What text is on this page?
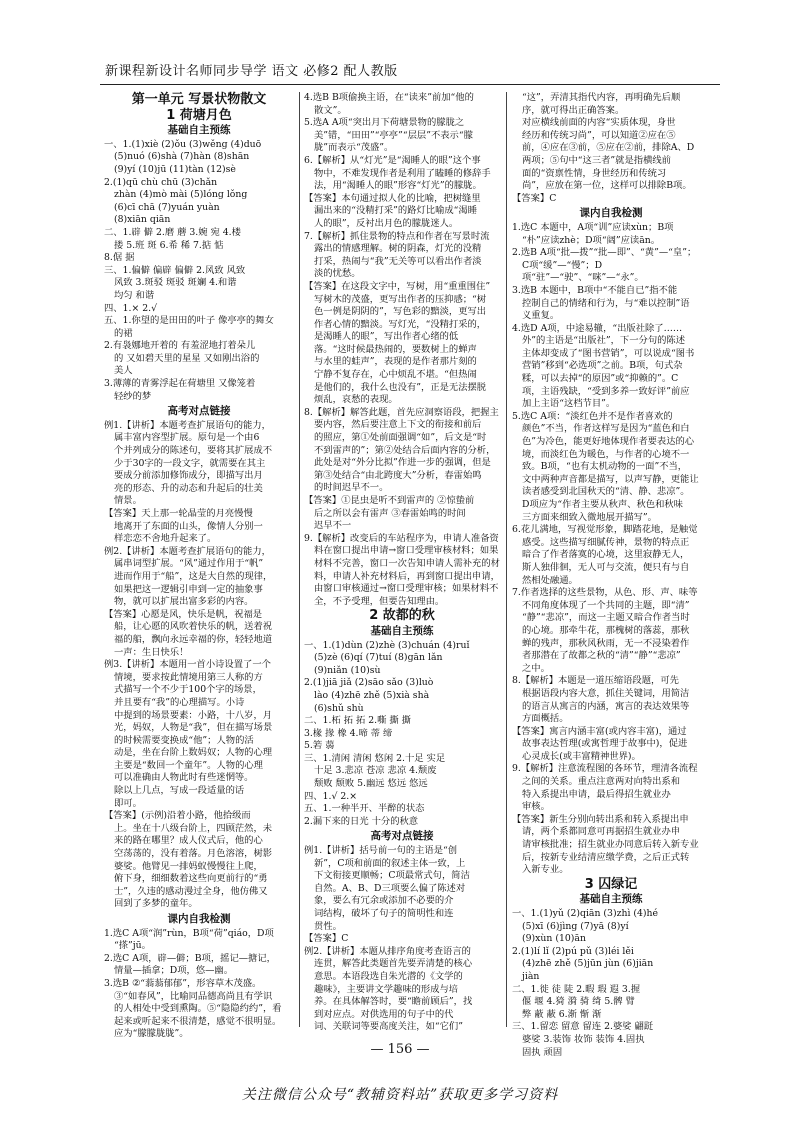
新课程新设计名师同步导学 语文 必修2 配人教版
第一单元 写景状物散文
1 荷塘月色
基础自主预练
一、1.(1)xiè (2)ǒu (3)wěng (4)duō
(5)nuó (6)shà (7)hàn (8)shān
(9)yí (10)jū (11)tàn (12)sè
2.(1)qū chù chū (3)chǎn
zhàn (4)mò mài (5)lóng lǒng
(6)cī chā (7)yuán yuàn
(8)xiān qiān
二、1.辟 僻 2.磨 蘑 3.婉 宛 4.楼
搂 5.班 斑 6.希 稀 7.掂 惦
8.倨 据
三、1.偏僻 偏辟 偏僻 2.风致 风致
风致 3.斑驳 斑驳 斑斓 4.和谐
均匀 和谐
四、1.× 2.√
五、1.你望的是田田的叶子 像亭亭的舞女
的裙
2.有袅娜地开着的 有羞涩地打着朵儿
的 又如碧天里的星星 又如刚出浴的
美人
3.薄薄的青雾浮起在荷塘里 又像笼着
轻纱的梦
高考对点链接
例1.【讲析】本题考查扩展语句的能力，
属丰富内容型扩展。原句是一个由6
个并列成分的陈述句，要将其扩展成不
少于30字的一段文字，就需要在其主
要成分前添加修饰成分，即描写出月
亮的形态、升的动态和升起后的壮美
情景。
【答案】天上那一轮晶莹的月亮慢慢
地离开了东面的山头，像情人分别一
样恋恋不舍地升起来了。
例2.【讲析】本题考查扩展语句的能力，
属串词型扩展。“风”通过作用于“帆”
进而作用于“船”，这是大自然的现律，
如果把这一逻辑引申到一定的抽象事
物，就可以扩展出富多彩的内容。
【答案】心愿是风，快乐是帆，祝福是
船，让心愿的风吹着快乐的帆，送着祝
福的船，飘向永远幸福的你，轻轻地道
一声：生日快乐！
例3.【讲析】本题用一首小诗设置了一个
情境，要求按此情境用第三人称的方
式描写一个不少于100个字的场景，
并且要有“我”的心理描写。小诗
中提到的场景要素：小路，十八岁，月
光，妈奴，人物是“我”，但在描写场景
的时候需要变换成“他”；人物的活
动是，坐在台阶上数妈奴；人物的心理
主要是“数回一个童年”。人物的心理
可以准确由人物此时有些迷惘等。
除以上几点，写成一段适量的话
即可。
【答案】(示例)沿着小路，他拾级而
上。坐在十八级台阶上，四顾茫然，未
来的路在哪里？成人仪式后，他的心
空荡荡的，没有着落。月色溶溶，树影
婆娑。他臂见一排妈蚁慢慢往上爬，
俯下身，细细数着这些向更前行的“勇
士”，久违的感动漫过全身，他仿佛又
回到了多梦的童年。
课内自我检测
1.选C A项“润”rùn，B项“荷”qiáo，D项
“搽”jū。
2.选C A项，辟—僻；B项，摇记—搪记，
情量—插拿；D项，悠—幽。
3.选B ②“蓊蓊郁郁”，形容草木茂盛。
③“如春风”，比喻同品德高尚且有学识
的人相处中受到熏陶。⑤“隐隐约约”，看
起来或听起来不很清楚，感觉不很明显。
应为“朦朦胧胧”。
4.选B B项偷换主语，在“读来”前加“他的
散文”。
5.选A A项“突出月下荷塘景物的朦胧之
美”错，“田田”“亭亭”“层层”不表示“朦
胧”而表示“茂盛”。
6.【解析】从“灯光”是“渴睡人的眼”这个事
物中，不难发现作者是利用了瞌睡的修辞手
法，用“渴睡人的眼”形容“灯光”的朦胧。
【答案】本句通过拟人化的比喻，把树缝里
漏出来的“没精打采”的路灯比喻成“渴睡
人的眼”，反衬出月色的朦胧迷人。
7.【解析】抓住景物的特点和作者在写景时流
露出的情感理解。树的阴森，灯光的没精
打采，热闹与“我”无关等可以看出作者淡
淡的忧愁。
【答案】在这段文字中，写树，用“重重围住”
写树木的茂盛，更写出作者的压抑感；“树
色一例是阴阴的”，写色彩的黯淡，更写出
作者心情的黯淡。写灯光，“没精打采的，
是渴睡人的眼”，写出作者心绪的低
落。“这时候最热闹的，要数树上的蝉声
与水里的蛙声”，表现的是作者那片刻的
宁静不复存在，心中烦乱不堪。“但热闹
是他们的，我什么也没有”，正是无法摆脱
烦乱，哀愁的表现。
8.【解析】解答此题，首先应洞察语段，把握主
要内容，然后要注意上下文的衔接和前后
的照应，第①处前面强调“如”，后文是“时
不到雷声的”；第②处结合后面内容的分析，
此处是对“外分比拟”作进一步的强调，但是
第③处结合“由北跨度大”分析，春雷始鸣
的时间迟早不一。
【答案】①昆虫是听不到雷声的 ②惊蛰前
后之所以会有雷声 ③春雷始鸣的时间
迟早不一
9.【解析】改变后的车站程序为，申请人准备资
料在窗口提出申请→窗口受理审核材料；如果
材料不完善，窗口一次告知申请人需补充的材
料，申请人补充材料后，再到窗口提出申请，
由窗口审核通过→窗口受理审核；如果材料不
全，不予受理，但要告知理由。
2 故都的秋
基础自主预练
一、1.(1)dùn (2)zhè (3)chuán (4)ruǐ
(5)zè (6)qí (7)tuí (8)gān lǎn
(9)niǎn (10)sù
2.(1)jiā jiǎ (2)sāo sǎo (3)luò
lào (4)zhē zhě (5)xià shà
(6)shǔ shù
二、1.柘 拓 拓 2.嘶 撕 撕
3.椽 掾 橡 4.啼 蒂 缔
5.箬 蒻
三、1.清闲 清闲 悠闲 2.十足 实足
十足 3.悲凉 苍凉 悲凉 4.颓废
颓败 颓败 5.幽远 悠远 悠远
四、1.√ 2.×
五、1.一种半开、半醉的状态
2.漏下来的日光 十分的秋意
高考对点链接
例1.【讲析】括号前一句的主语是“创
新”，C项和前面的叙述主体一致，上
下文衔接更顺畅；C项最常式句，简洁
自然。A、B、D三项要么偏了陈述对
象，要么有冗余或添加不必要的介
词结构，破坏了句子的简明性和连
贯性。
【答案】C
例2.【讲析】本题从排序角度考查语言的
连贯，解答此类题首先要弄清楚的核心
意思。本语段选自朱光潜的《文学的
趣味》，主要讲文学趣味的形成与培
养。在具体解答时，要“瞻前顾后”，找
到对应点。对供选用的句子中的代
词、关联词等要高度关注，如“它们”
“这”，弄清其指代内容，再明确先后顺
序，就可得出正确答案。
对应横线前面的内容“实质体现，身世
经历和传统习尚”，可以知道②应在⑤
前，④应在③前，⑤应在②前，排除A、D
两项；⑤句中“这三者”就是指横线前
面的“资禀性情，身世经历和传统习
尚”，应放在第一位，这样可以排除B项。
【答案】C
课内自我检测
1.选C 本题中，A项“训”应读xùn；B项
“朴”应读zhè；D项“阔”应读ān。
2.选B A项“批—拨”“批—即”、“黄”—“皇”；
C项“缓”—“慢”；D项“驻”—“驶”、“咪”—“永”。
3.选B 本题中，B项中“不能自已”指不能
控制自己的情绪和行为，与“难以控制”语
义重复。
4.选D A项，中途易辙，“出版社除了……
外”的主语是“出版社”，下一分句的陈述
主体却变成了“图书营销”，可以说成“图书
营销”移到“必选项”之前。B项，句式杂
糅，可以去掉“的原因”或“抑赖的”。C
项，主语残缺，“受到多养一致好评”前应
加上主语“这档节目”。
5.选C A项：“淡红色并不是作者喜欢的
颜色”不当，作者这样写是因为“蓝色和白
色”为冷色，能更好地体现作者要表达的心
境，而淡红色为暖色，与作者的心境不一
致。B项，“也有太机动物的一面”不当，
文中两种声音都是描写，以声写静，更能让
读者感受到北国秋天的“清、静、悲凉”。
D项应为“作者主要从秋声、秋色和秋味
三方面来细致入微地展开描写”。
6.花儿满地，写视觉形象，脚踏花地，是触觉
感受。这些描写细腻传神，景物的特点正
暗合了作者落寞的心境，这里寂静无人，
斯人独俳徊，无人可与交流，便只有与自
然相处融通。
7.作者选择的这些景物，从色、形、声、味等
不同角度体现了一个共同的主题，即“清”
“静”“悲凉”，而这一主题又暗合作者当时
的心境。那牵牛花，那槐树的落蕊，那秋
蝉的残声，那秋风秋雨，无一不浸染着作
者那潜在了故都之秋的“清”“静”“悲凉”
之中。
8.【解析】本题是一道压缩语段题，可先
根据语段内容大意，抓住关键词，用简洁
的语言从寓言的内涵，寓言的表达效果等
方面概括。
【答案】寓言内涵丰富(或内容丰富)，通过
故事表达哲理(或寓哲理于故事中)，促进
心灵成长(或丰富精神世界)。
9.【解析】注意流程图的各环节，理清各流程
之间的关系。重点注意两对向特出系和
特入系提出申请，最后得招生就业办
审核。
【答案】新生分别向转出系和转入系提出申
请，两个系都同意可再据招生就业办申
请审核批准；招生就业办同意后转入新专业
后，按新专业结清应缴学费，之后正式转
入新专业。
3 囚绿记
基础自主预练
一、1.(1)yǔ (2)qiān (3)zhì (4)hé
(5)xī (6)jìng (7)yā (8)yí
(9)xùn (10)ān
2.(1)lí lǐ (2)pú pǔ (3)léi lěi
(4)zhē zhě (5)jūn jùn (6)jiān
jiàn
二、1.徙 徒 陡 2.暇 瑕 遐 3.握
偃 堰 4.猗 漪 骑 绮 5.髀 臂
弊 蔽 蔽 6.渐 惭 渐
三、1.留恋 留意 留连 2.婆娑 翩跹
婆娑 3.装饰 妆饰 装饰 4.固执
固执 顽固
— 156 —
关注微信公众号“教辅资料站”获取更多学习资料
